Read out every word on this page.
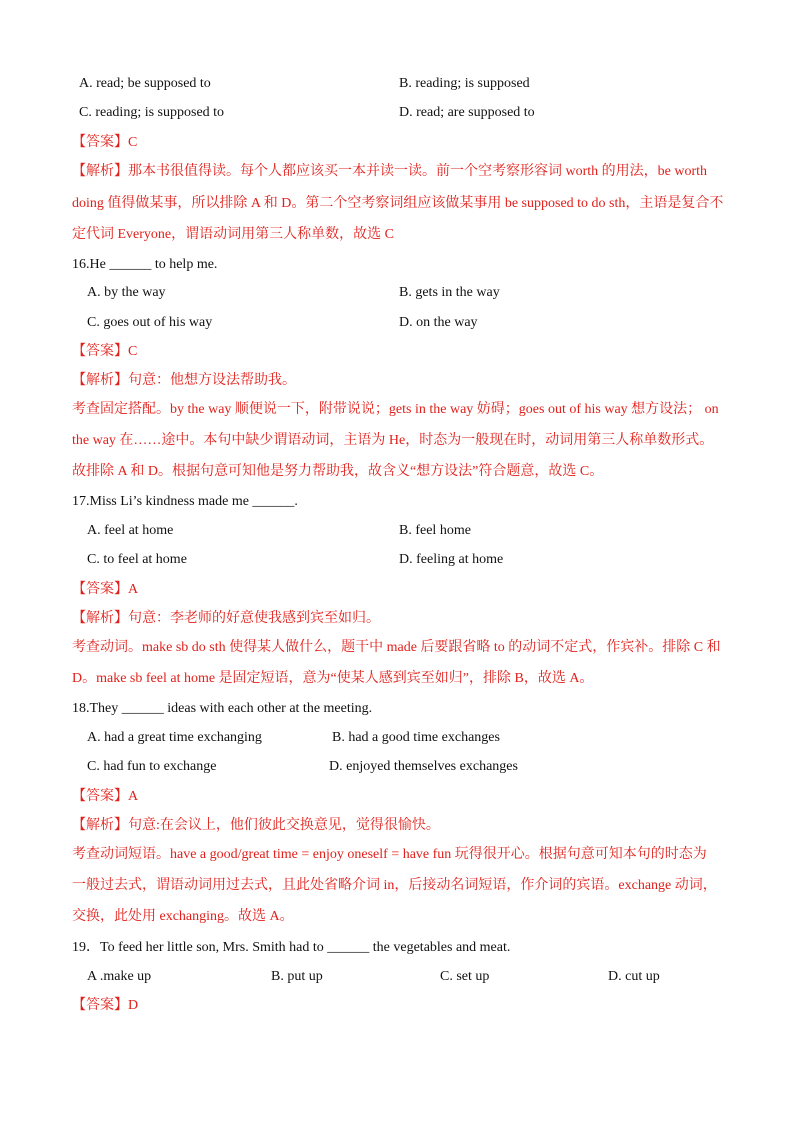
A. read; be supposed to	B. reading; is supposed
C. reading; is supposed to	D. read; are supposed to
【答案】C
【解析】那本书很值得读。每个人都应该买一本并读一读。前一个空考察形容词 worth 的用法，be worth
doing 值得做某事，所以排除 A 和 D。第二个空考察词组应该做某事用 be supposed to do sth，主语是复合不
定代词 Everyone，谓语动词用第三人称单数，故选 C
16.He ______ to help me.
A. by the way	B. gets in the way
C. goes out of his way	D. on the way
【答案】C
【解析】句意：他想方设法帮助我。
考查固定搭配。by the way 顺便说一下，附带说说；gets in the way 妨碍；goes out of his way 想方设法； on
the way 在……途中。本句中缺少谓语动词，主语为 He，时态为一般现在时，动词用第三人称单数形式。
故排除 A 和 D。根据句意可知他是努力帮助我，故含义“想方设法”符合题意，故选 C。
17.Miss Li’s kindness made me ______.
A. feel at home	B. feel home
C. to feel at home	D. feeling at home
【答案】A
【解析】句意：李老师的好意使我感到宾至如归。
考查动词。make sb do sth 使得某人做什么，题干中 made 后要跟省略 to 的动词不定式，作宾补。排除 C 和
D。make sb feel at home 是固定短语，意为“使某人感到宾至如归”，排除 B，故选 A。
18.They ______ ideas with each other at the meeting.
A. had a great time exchanging	B. had a good time exchanges
C. had fun to exchange	D. enjoyed themselves exchanges
【答案】A
【解析】句意:在会议上，他们彼此交换意见，觉得很愉快。
考查动词短语。have a good/great time = enjoy oneself = have fun 玩得很开心。根据句意可知本句的时态为
一般过去式，谓语动词用过去式，且此处省略介词 in，后接动名词短语，作介词的宾语。exchange 动词，
交换，此处用 exchanging。故选 A。
19．To feed her little son, Mrs. Smith had to ______ the vegetables and meat.
A .make up	B. put up	C. set up	D. cut up
【答案】D
